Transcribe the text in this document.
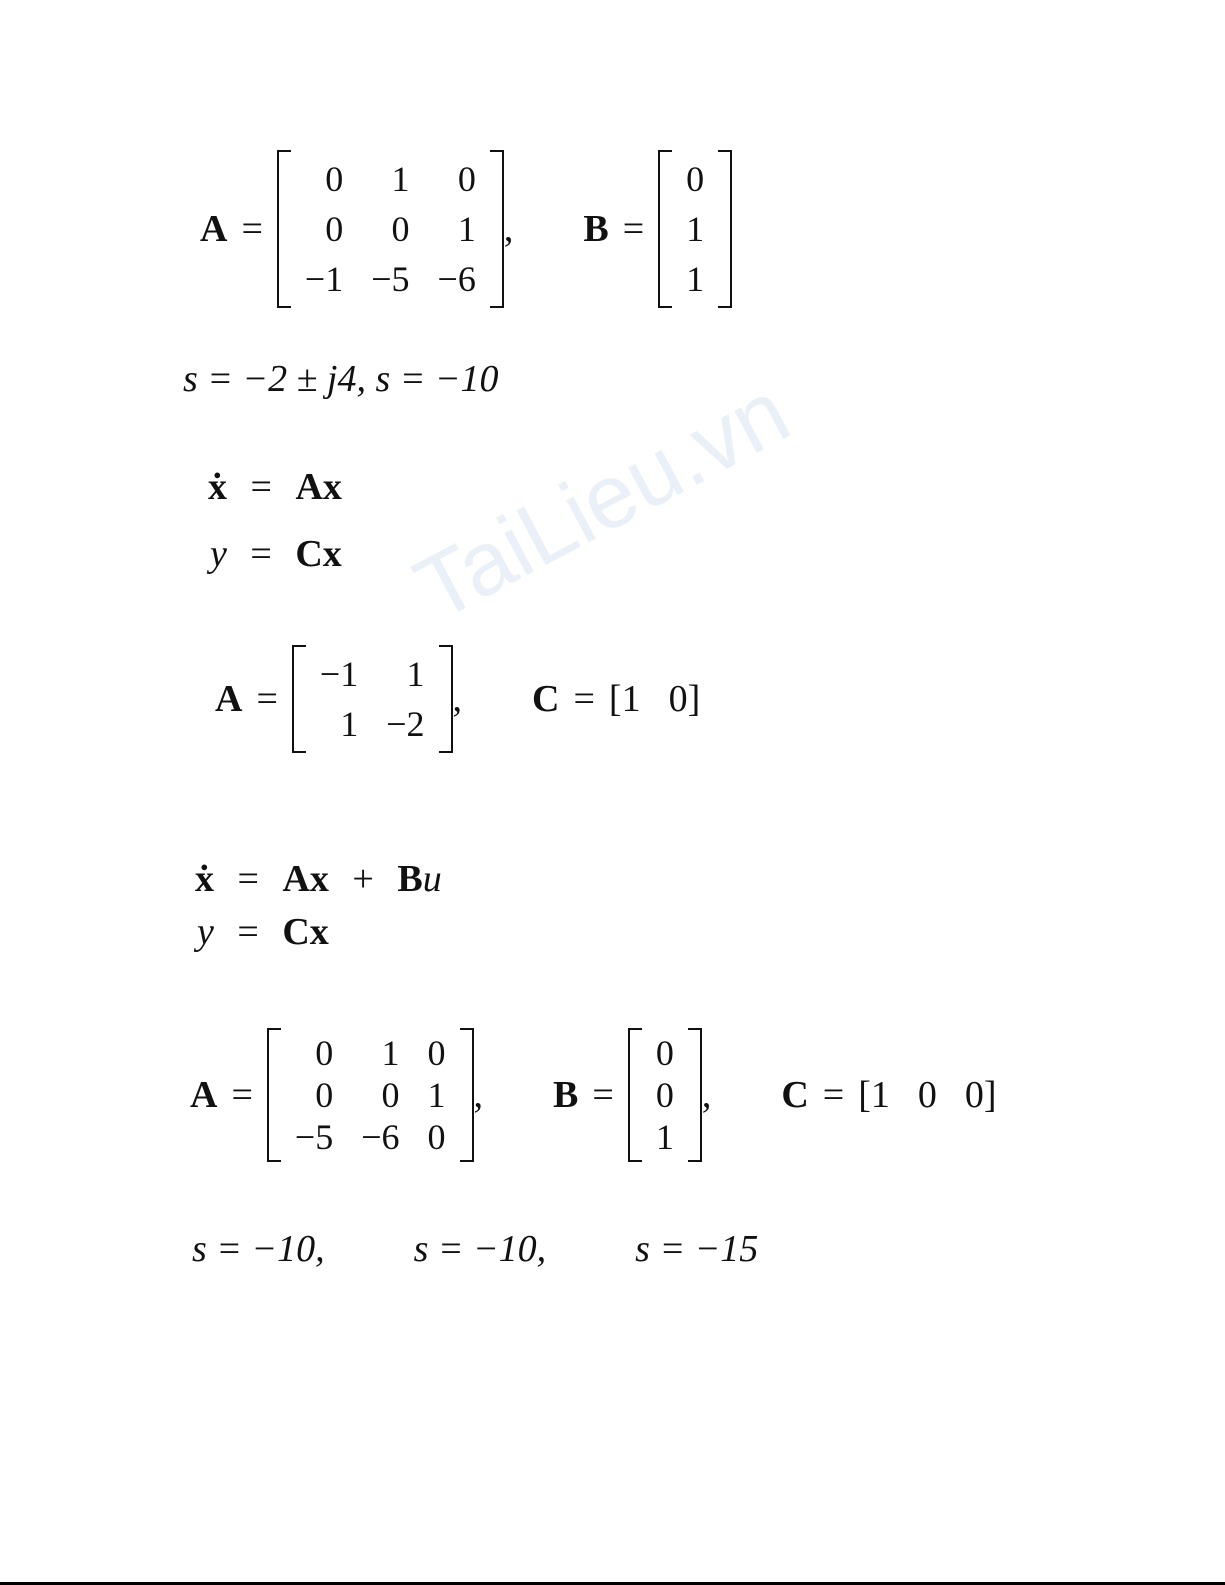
TaiLieu.vn
A =
0	1	0
0	0	1
−1	−5	−6
, B =
0
1
1
s = −2 ± j4, s = −10
ẋ = Ax
y = Cx
A =
−1	1
1	−2
, C = [1 0]
ẋ = Ax + Bu
y = Cx
A =
0	1	0
0	0	1
−5	−6	0
, B =
0
0
1
, C = [1 0 0]
s = −10, s = −10, s = −15
